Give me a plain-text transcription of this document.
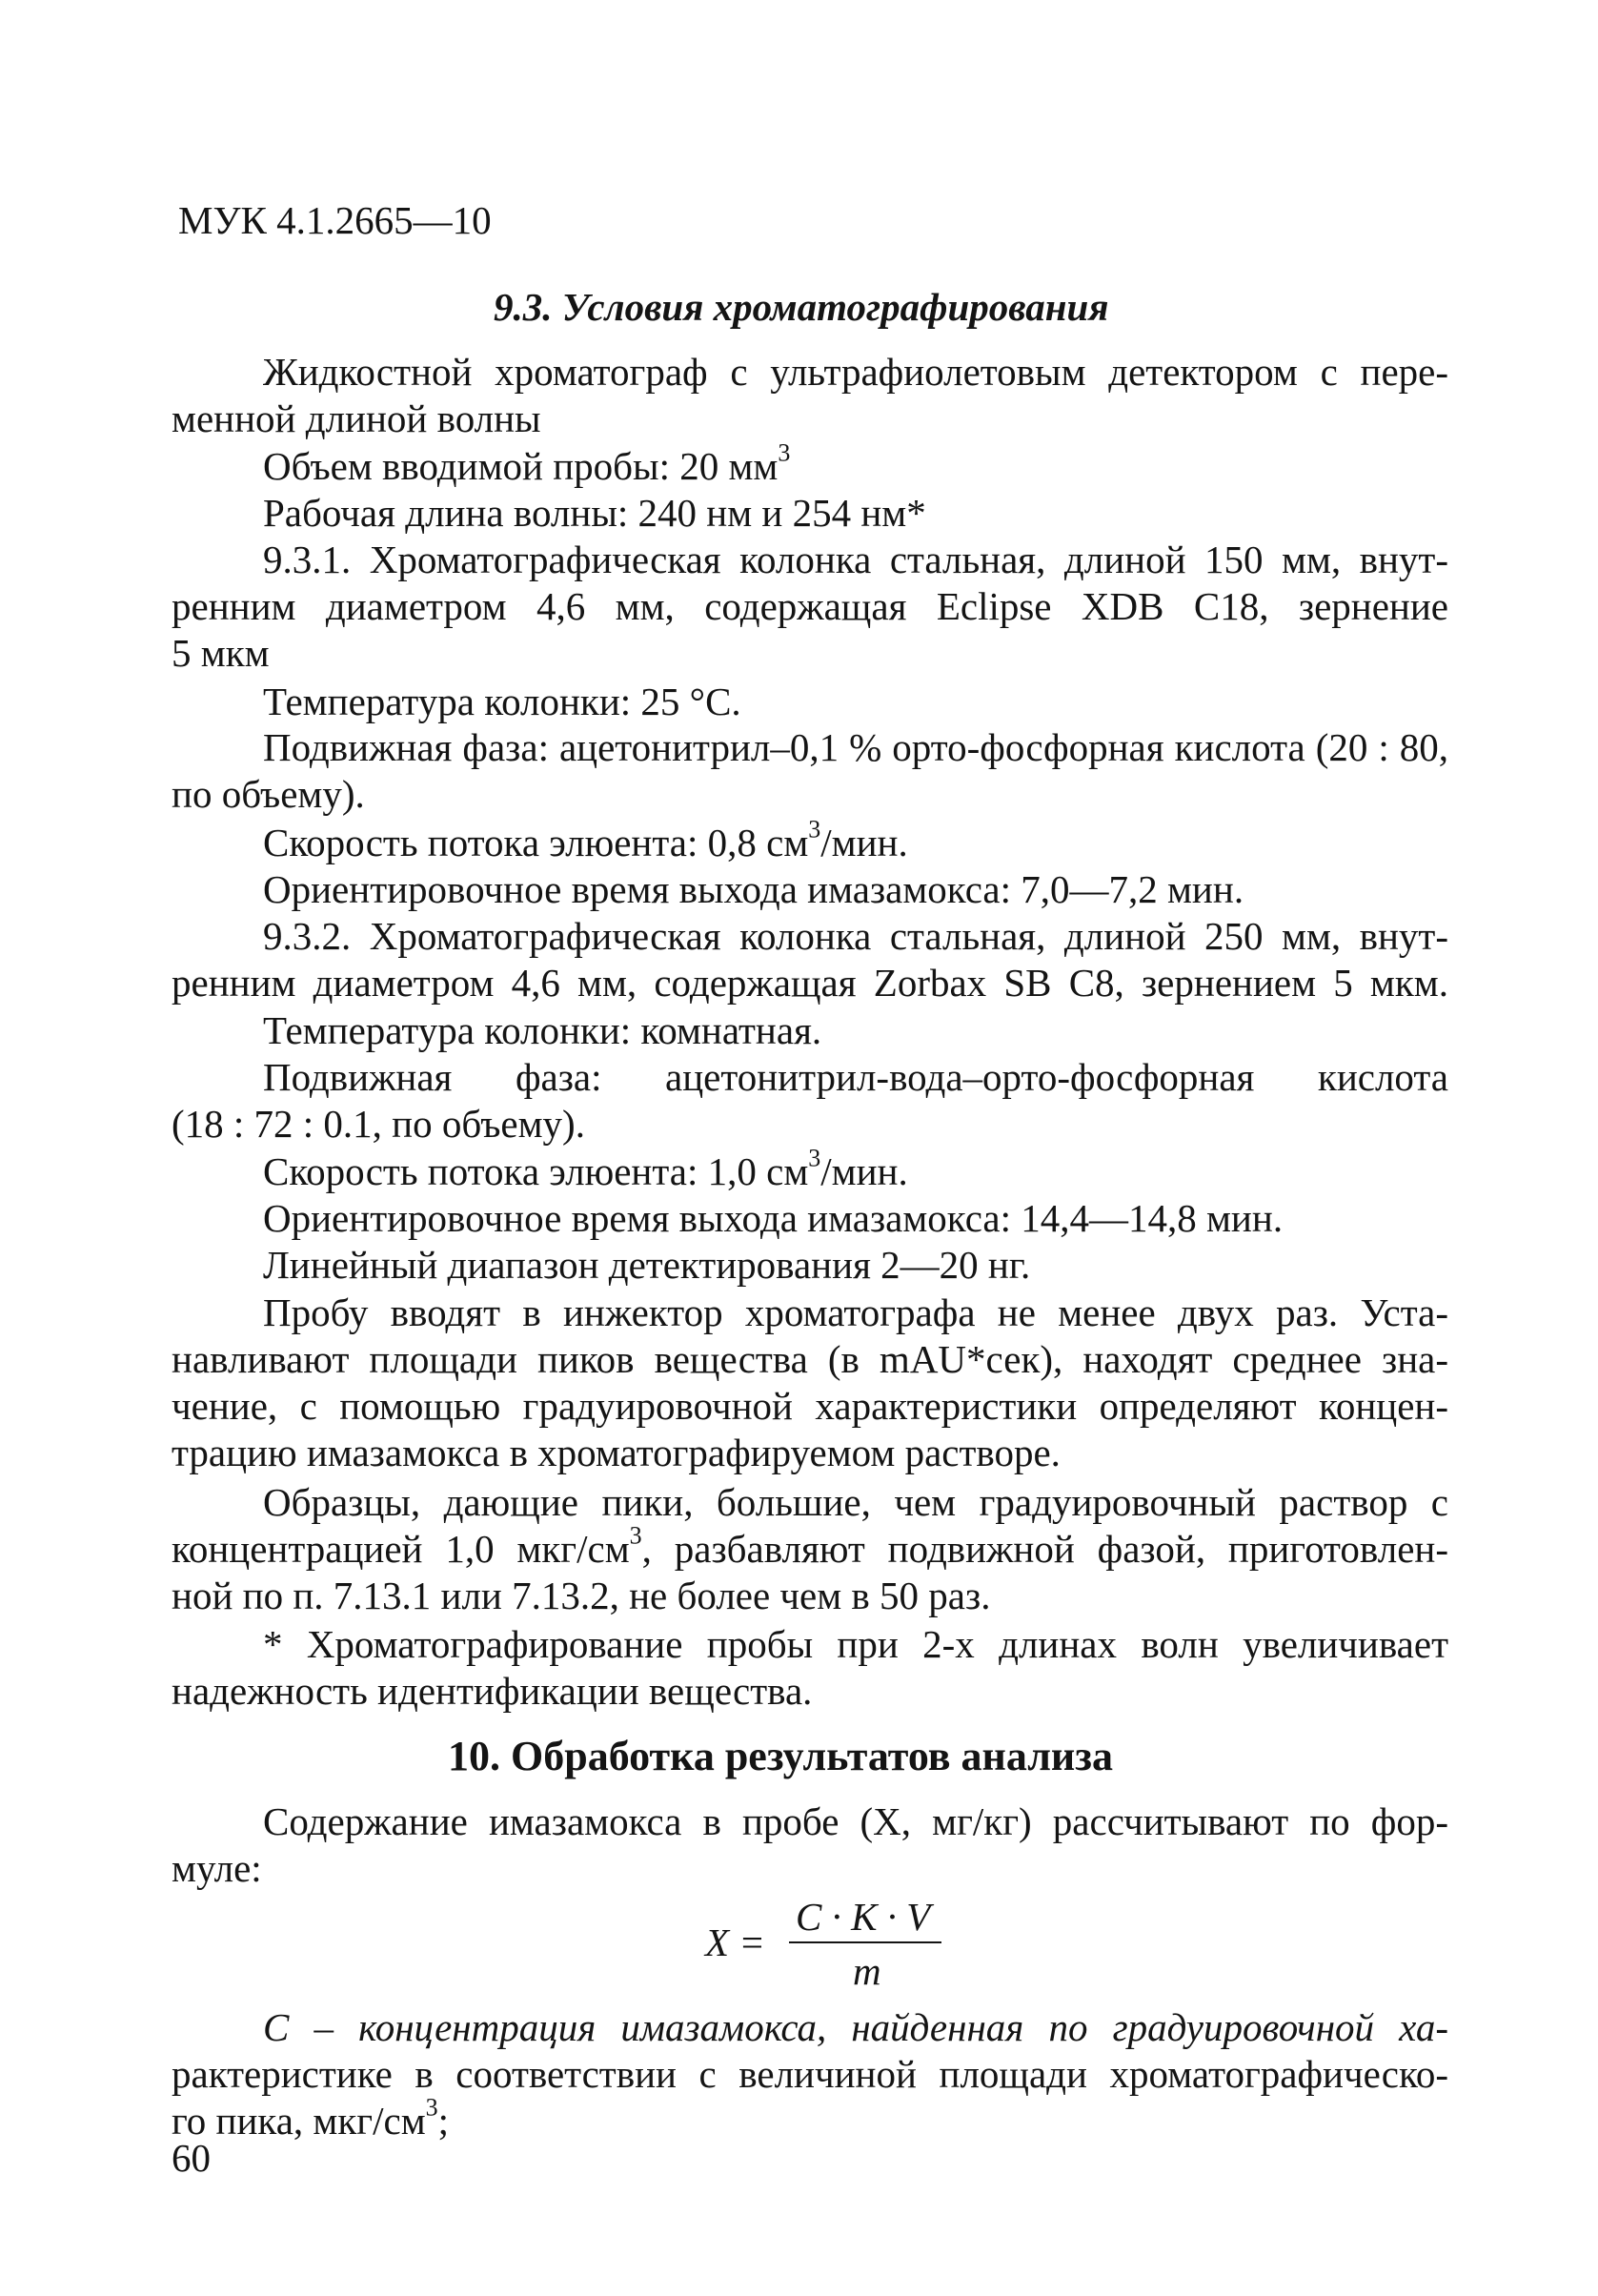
МУК 4.1.2665—10
9.3. Условия хроматографирования
Жидкостной хроматограф с ультрафиолетовым детектором с пере-
менной длиной волны
Объем вводимой пробы: 20 $мм^3$
Рабочая длина волны: 240 нм и 254 нм*
9.3.1. Хроматографическая колонка стальная, длиной 150 мм, внут-
ренним диаметром 4,6 мм, содержащая Eclipse XDB C18, зернение
5 мкм
Температура колонки: 25 °С.
Подвижная фаза: ацетонитрил–0,1 % орто-фосфорная кислота (20 : 80,
по объему).
Скорость потока элюента: 0,8 $см^3$/мин.
Ориентировочное время выхода имазамокса: 7,0—7,2 мин.
9.3.2. Хроматографическая колонка стальная, длиной 250 мм, внут-
ренним диаметром 4,6 мм, содержащая Zorbax SB C8, зернением 5 мкм.
Температура колонки: комнатная.
Подвижная фаза: ацетонитрил-вода–орто-фосфорная кислота
(18 : 72 : 0.1, по объему).
Скорость потока элюента: 1,0 $см^3$/мин.
Ориентировочное время выхода имазамокса: 14,4—14,8 мин.
Линейный диапазон детектирования 2—20 нг.
Пробу вводят в инжектор хроматографа не менее двух раз. Уста-
навливают площади пиков вещества (в mAU*сек), находят среднее зна-
чение, с помощью градуировочной характеристики определяют концен-
трацию имазамокса в хроматографируемом растворе.
Образцы, дающие пики, большие, чем градуировочный раствор с
концентрацией 1,0 мкг/$см^3$, разбавляют подвижной фазой, приготовлен-
ной по п. 7.13.1 или 7.13.2, не более чем в 50 раз.
* Хроматографирование пробы при 2-х длинах волн увеличивает
надежность идентификации вещества.
10. Обработка результатов анализа
Содержание имазамокса в пробе (X, мг/кг) рассчитывают по фор-
муле:
X =
C · K · V
m
C – концентрация имазамокса, найденная по градуировочной ха-
рактеристике в соответствии с величиной площади хроматографическо-
го пика, мкг/$см^3$;
60
